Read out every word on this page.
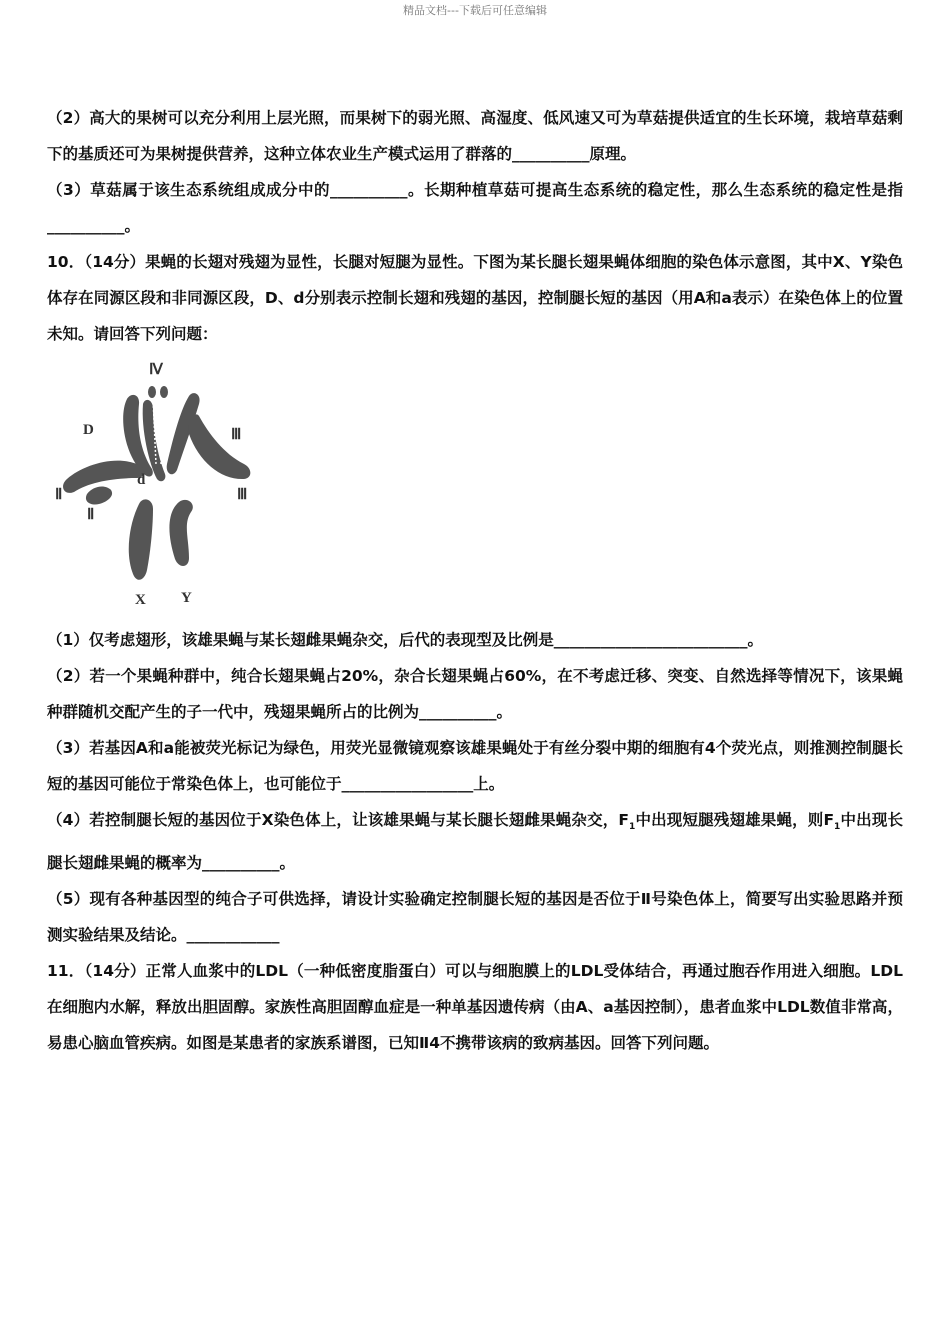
精品文档---下载后可任意编辑

（2）高大的果树可以充分利用上层光照，而果树下的弱光照、高湿度、低风速又可为草菇提供适宜的生长环境，栽培草菇剩下的基质还可为果树提供营养，这种立体农业生产模式运用了群落的__________原理。

（3）草菇属于该生态系统组成成分中的__________。长期种植草菇可提高生态系统的稳定性，那么生态系统的稳定性是指__________。

10．（14分）果蝇的长翅对残翅为显性，长腿对短腿为显性。下图为某长腿长翅果蝇体细胞的染色体示意图，其中X、Y染色体存在同源区段和非同源区段，D、d分别表示控制长翅和残翅的基因，控制腿长短的基因（用A和a表示）在染色体上的位置未知。请回答下列问题：

Ⅳ
D
d
Ⅲ
Ⅲ
Ⅱ
Ⅱ
X Y

（1）仅考虑翅形，该雄果蝇与某长翅雌果蝇杂交，后代的表现型及比例是_________________________。

（2）若一个果蝇种群中，纯合长翅果蝇占20%，杂合长翅果蝇占60%，在不考虑迁移、突变、自然选择等情况下，该果蝇种群随机交配产生的子一代中，残翅果蝇所占的比例为__________。

（3）若基因A和a能被荧光标记为绿色，用荧光显微镜观察该雄果蝇处于有丝分裂中期的细胞有4个荧光点，则推测控制腿长短的基因可能位于常染色体上，也可能位于_________________上。

（4）若控制腿长短的基因位于X染色体上，让该雄果蝇与某长腿长翅雌果蝇杂交，$F_1$中出现短腿残翅雄果蝇，则$F_1$中出现长腿长翅雌果蝇的概率为__________。

（5）现有各种基因型的纯合子可供选择，请设计实验确定控制腿长短的基因是否位于Ⅱ号染色体上，简要写出实验思路并预测实验结果及结论。____________

11．（14分）正常人血浆中的LDL（一种低密度脂蛋白）可以与细胞膜上的LDL受体结合，再通过胞吞作用进入细胞。LDL在细胞内水解，释放出胆固醇。家族性高胆固醇血症是一种单基因遗传病（由A、a基因控制），患者血浆中LDL数值非常高，易患心脑血管疾病。如图是某患者的家族系谱图，已知Ⅱ4不携带该病的致病基因。回答下列问题。
